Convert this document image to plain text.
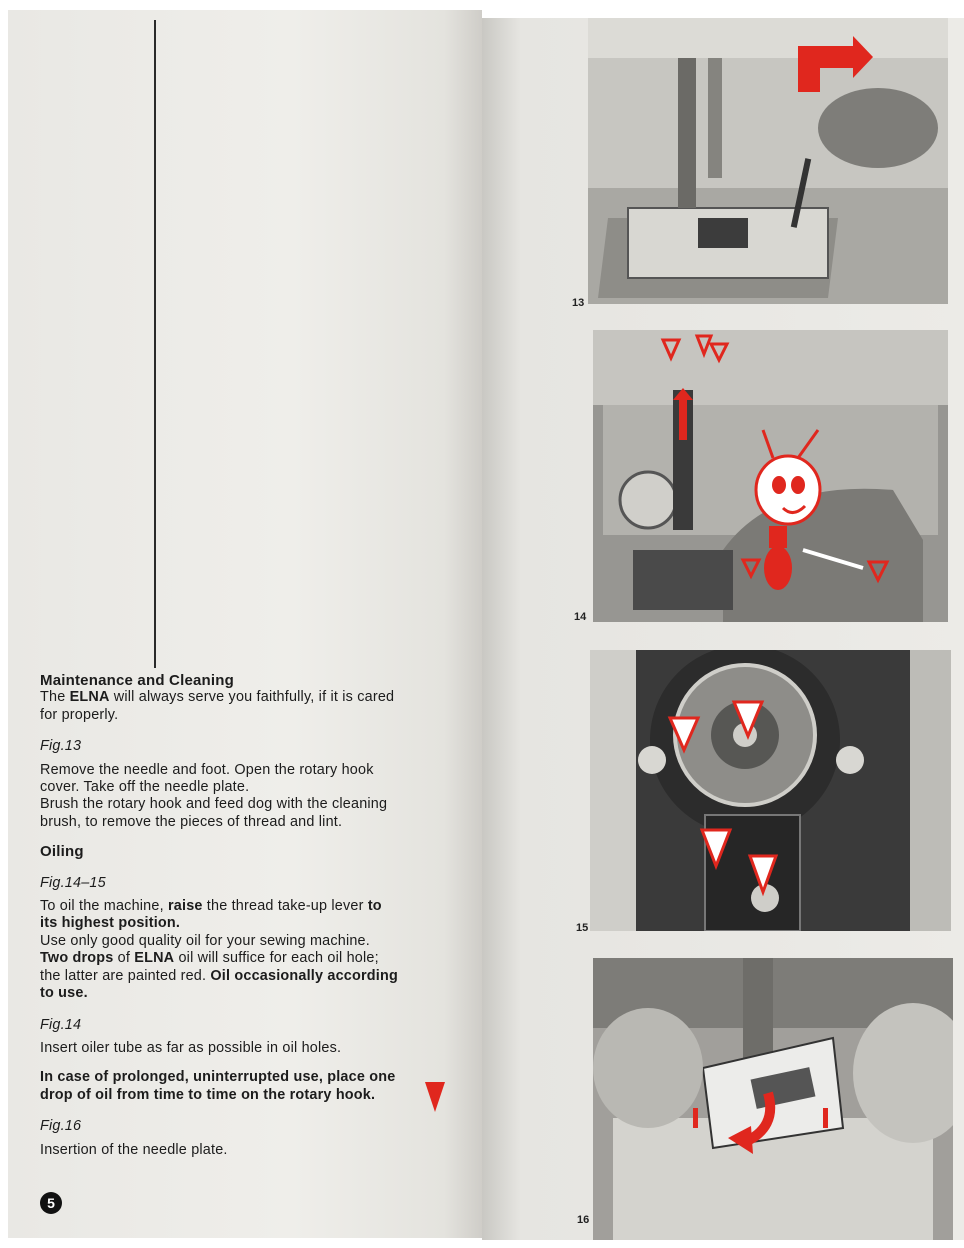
Maintenance and Cleaning

The ELNA will always serve you faithfully, if it is cared for properly.

Fig.13

Remove the needle and foot. Open the rotary hook cover. Take off the needle plate.

Brush the rotary hook and feed dog with the cleaning brush, to remove the pieces of thread and lint.

Oiling

Fig.14–15

To oil the machine, raise the thread take-up lever to its highest position.

Use only good quality oil for your sewing machine.

Two drops of ELNA oil will suffice for each oil hole; the latter are painted red. Oil occasionally according to use.

Fig.14

Insert oiler tube as far as possible in oil holes.

In case of prolonged, uninterrupted use, place one drop of oil from time to time on the rotary hook.

Fig.16

Insertion of the needle plate.

5
13
14
15
16
